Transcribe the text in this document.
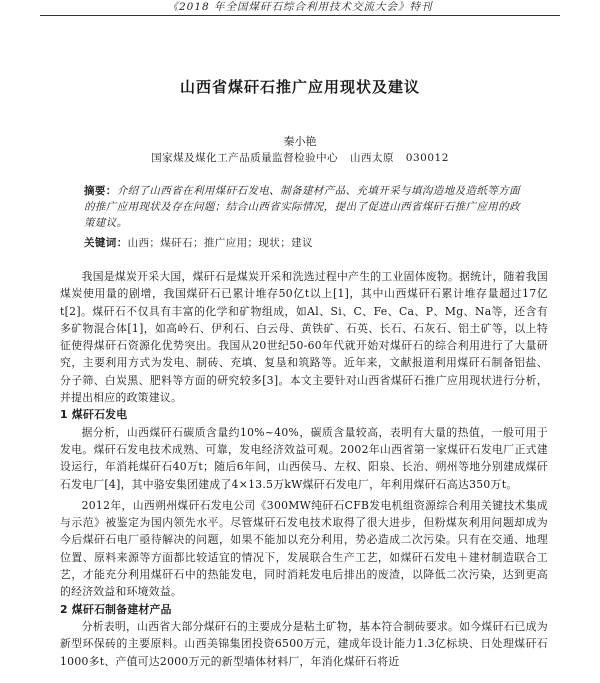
《2018 年全国煤矸石综合利用技术交流大会》特刊
山西省煤矸石推广应用现状及建议
秦小艳
国家煤及煤化工产品质量监督检验中心 山西太原 030012
摘要：介绍了山西省在利用煤矸石发电、制备建材产品、充填开采与填沟造地及造纸等方面的推广应用现状及存在问题；结合山西省实际情况，提出了促进山西省煤矸石推广应用的政策建议。
关键词：山西；煤矸石；推广应用；现状；建议

我国是煤炭开采大国，煤矸石是煤炭开采和洗选过程中产生的工业固体废物。据统计，随着我国煤炭使用量的剧增，我国煤矸石已累计堆存50亿t以上[1]，其中山西煤矸石累计堆存量超过17亿t[2]。煤矸石不仅具有丰富的化学和矿物组成，如Al、Si、C、Fe、Ca、P、Mg、Na等，还含有多矿物混合体[1]，如高岭石、伊利石、白云母、黄铁矿、石英、长石、石灰石、铝土矿等，以上特征使得煤矸石资源化优势突出。我国从20世纪50-60年代就开始对煤矸石的综合利用进行了大量研究，主要利用方式为发电、制砖、充填、复垦和筑路等。近年来，文献报道利用煤矸石制备铝盐、分子筛、白炭黑、肥料等方面的研究较多[3]。本文主要针对山西省煤矸石推广应用现状进行分析，并提出相应的政策建议。

1 煤矸石发电

据分析，山西煤矸石碳质含量约10%~40%，碳质含量较高，表明有大量的热值，一般可用于发电。煤矸石发电技术成熟、可靠，发电经济效益可观。2002年山西省第一家煤矸石发电厂正式建设运行，年消耗煤矸石40万t；随后6年间，山西侯马、左权、阳泉、长治、朔州等地分别建成煤矸石发电厂[4]，其中骆安集团建成了4×13.5万kW煤矸石发电厂，年利用煤矸石高达350万t。

2012年，山西朔州煤矸石发电公司《300MW纯矸石CFB发电机组资源综合利用关键技术集成与示范》被鉴定为国内领先水平。尽管煤矸石发电技术取得了很大进步，但粉煤灰利用问题却成为今后煤矸石电厂亟待解决的问题，如果不能加以充分利用，势必造成二次污染。只有在交通、地理位置、原料来源等方面都比较适宜的情况下，发展联合生产工艺，如煤矸石发电＋建材制造联合工艺，才能充分利用煤矸石中的热能发电，同时消耗发电后排出的废渣，以降低二次污染，达到更高的经济效益和环境效益。

2 煤矸石制备建材产品

分析表明，山西省大部分煤矸石的主要成分是粘土矿物，基本符合制砖要求。如今煤矸石已成为新型环保砖的主要原料。山西美锦集团投资6500万元，建成年设计能力1.3亿标块、日处理煤矸石1000多t、产值可达2000万元的新型墙体材料厂，年消化煤矸石将近
